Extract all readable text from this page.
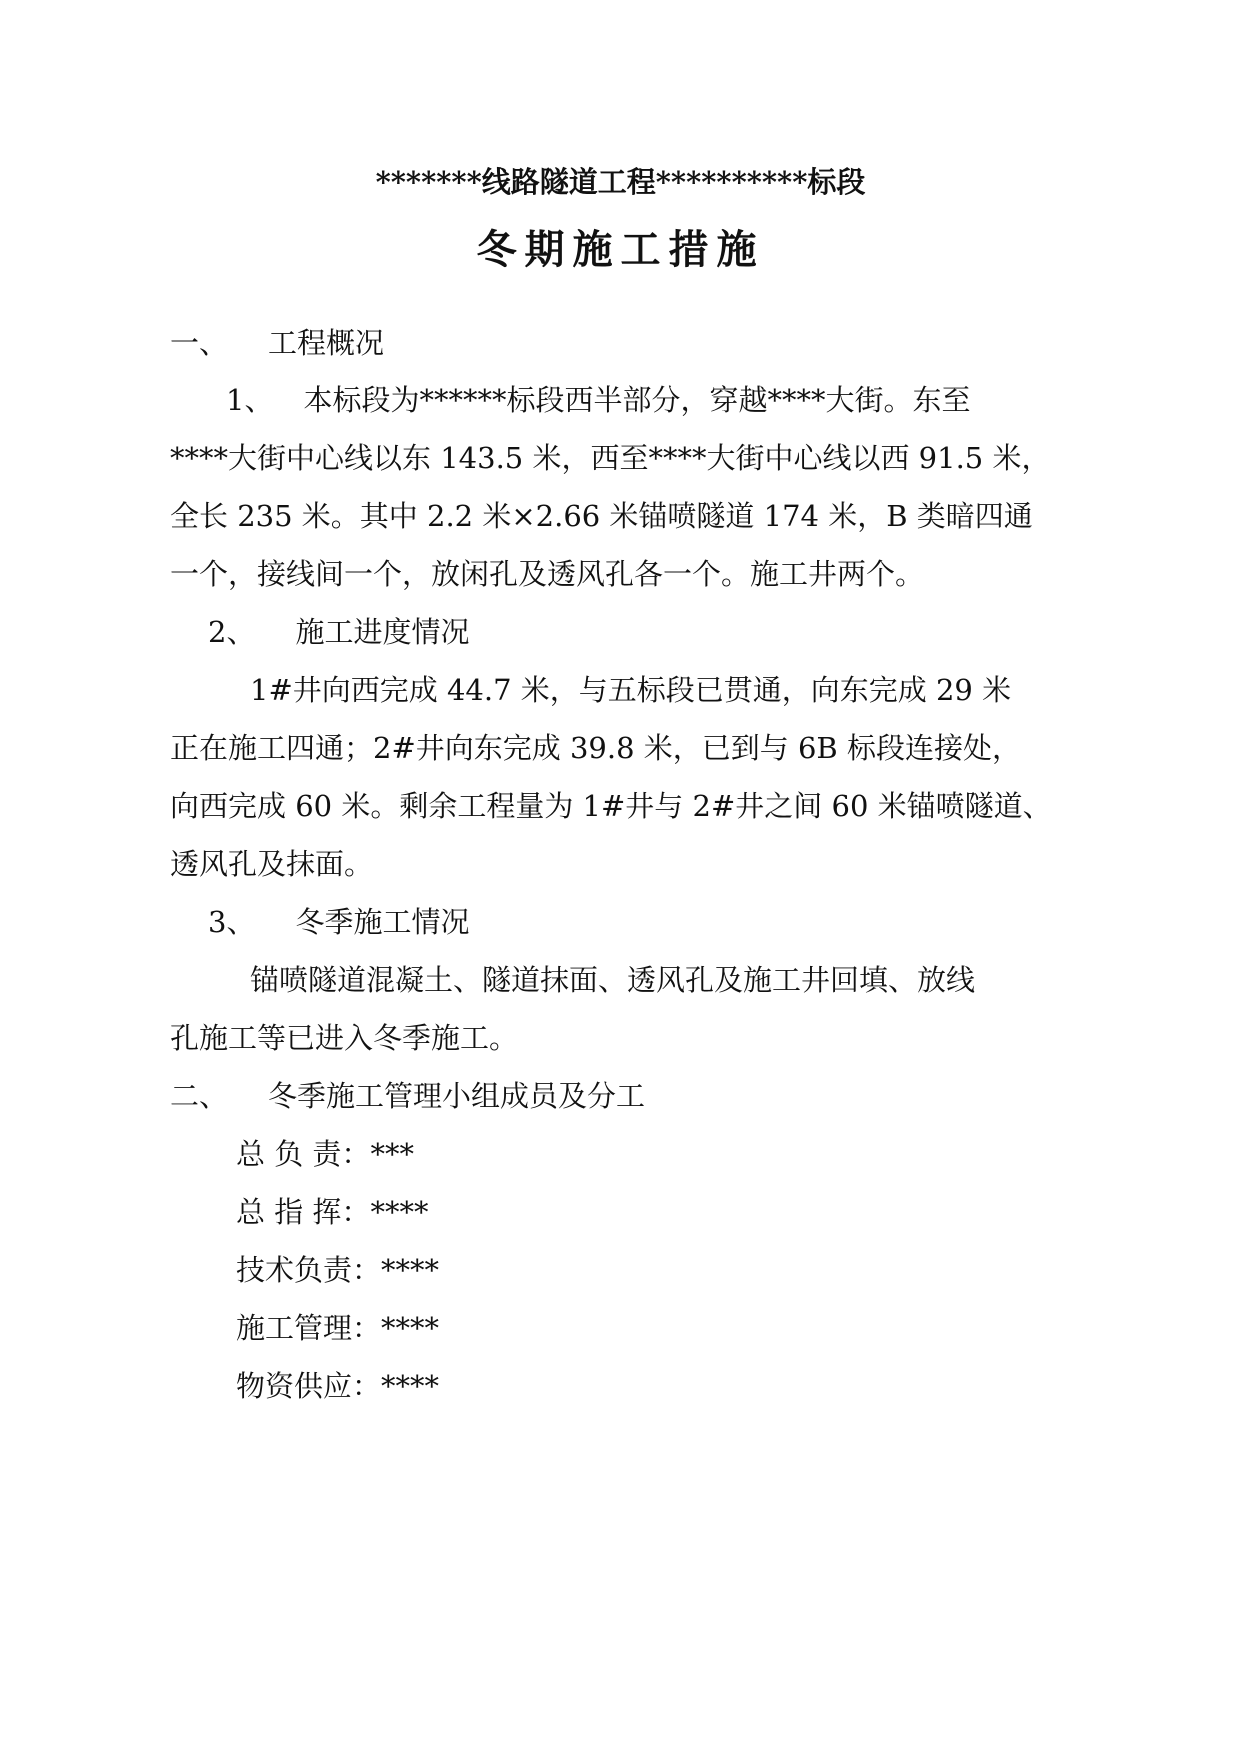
*******线路隧道工程**********标段
冬期施工措施
一、 工程概况
1、 本标段为******标段西半部分，穿越****大街。东至
****大街中心线以东 143.5 米，西至****大街中心线以西 91.5 米，
全长 235 米。其中 2.2 米×2.66 米锚喷隧道 174 米，B 类暗四通
一个，接线间一个，放闲孔及透风孔各一个。施工井两个。
2、 施工进度情况
1#井向西完成 44.7 米，与五标段已贯通，向东完成 29 米
正在施工四通；2#井向东完成 39.8 米，已到与 6B 标段连接处，
向西完成 60 米。剩余工程量为 1#井与 2#井之间 60 米锚喷隧道、
透风孔及抹面。
3、 冬季施工情况
锚喷隧道混凝土、隧道抹面、透风孔及施工井回填、放线
孔施工等已进入冬季施工。
二、 冬季施工管理小组成员及分工
总 负 责：***
总 指 挥：****
技术负责：****
施工管理：****
物资供应：****
